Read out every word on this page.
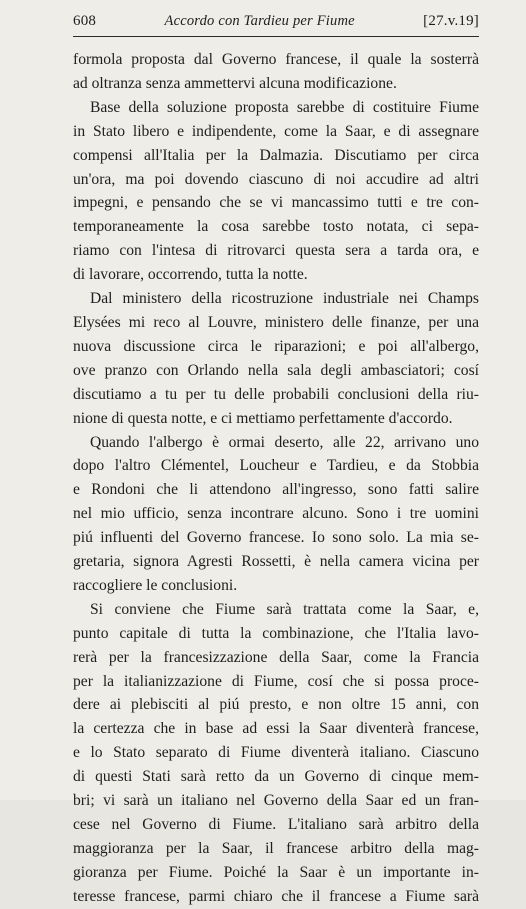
608	Accordo con Tardieu per Fiume	[27.v.19]
formola proposta dal Governo francese, il quale la sosterrà
ad oltranza senza ammettervi alcuna modificazione.
Base della soluzione proposta sarebbe di costituire Fiume
in Stato libero e indipendente, come la Saar, e di assegnare
compensi all'Italia per la Dalmazia. Discutiamo per circa
un'ora, ma poi dovendo ciascuno di noi accudire ad altri
impegni, e pensando che se vi mancassimo tutti e tre con-
temporaneamente la cosa sarebbe tosto notata, ci sepa-
riamo con l'intesa di ritrovarci questa sera a tarda ora, e
di lavorare, occorrendo, tutta la notte.
Dal ministero della ricostruzione industriale nei Champs
Elysées mi reco al Louvre, ministero delle finanze, per una
nuova discussione circa le riparazioni; e poi all'albergo,
ove pranzo con Orlando nella sala degli ambasciatori; cosí
discutiamo a tu per tu delle probabili conclusioni della riu-
nione di questa notte, e ci mettiamo perfettamente d'accordo.
Quando l'albergo è ormai deserto, alle 22, arrivano uno
dopo l'altro Clémentel, Loucheur e Tardieu, e da Stobbia
e Rondoni che li attendono all'ingresso, sono fatti salire
nel mio ufficio, senza incontrare alcuno. Sono i tre uomini
piú influenti del Governo francese. Io sono solo. La mia se-
gretaria, signora Agresti Rossetti, è nella camera vicina per
raccogliere le conclusioni.
Si conviene che Fiume sarà trattata come la Saar, e,
punto capitale di tutta la combinazione, che l'Italia lavo-
rerà per la francesizzazione della Saar, come la Francia
per la italianizzazione di Fiume, cosí che si possa proce-
dere ai plebisciti al piú presto, e non oltre 15 anni, con
la certezza che in base ad essi la Saar diventerà francese,
e lo Stato separato di Fiume diventerà italiano. Ciascuno
di questi Stati sarà retto da un Governo di cinque mem-
bri; vi sarà un italiano nel Governo della Saar ed un fran-
cese nel Governo di Fiume. L'italiano sarà arbitro della
maggioranza per la Saar, il francese arbitro della mag-
gioranza per Fiume. Poiché la Saar è un importante in-
teresse francese, parmi chiaro che il francese a Fiume sarà
